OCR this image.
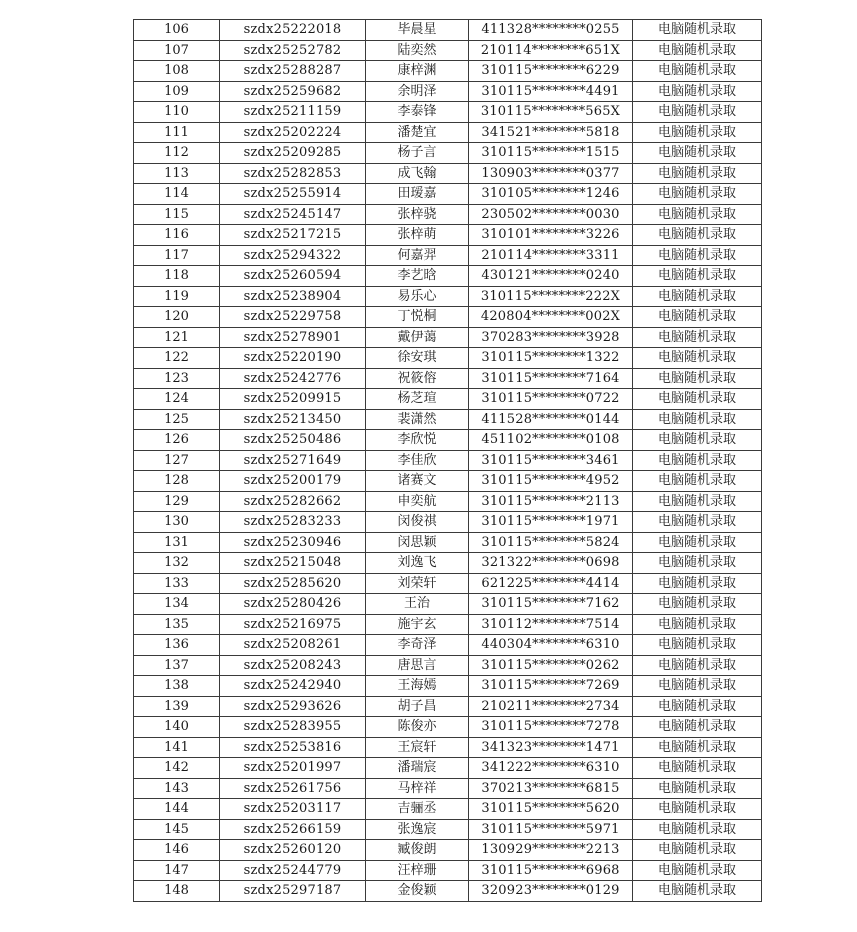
106	szdx25222018	毕晨星	411328********0255	电脑随机录取
107	szdx25252782	陆奕然	210114********651X	电脑随机录取
108	szdx25288287	康梓渊	310115********6229	电脑随机录取
109	szdx25259682	余明泽	310115********4491	电脑随机录取
110	szdx25211159	李泰锋	310115********565X	电脑随机录取
111	szdx25202224	潘楚宜	341521********5818	电脑随机录取
112	szdx25209285	杨子言	310115********1515	电脑随机录取
113	szdx25282853	成飞翰	130903********0377	电脑随机录取
114	szdx25255914	田瑷嘉	310105********1246	电脑随机录取
115	szdx25245147	张梓骁	230502********0030	电脑随机录取
116	szdx25217215	张梓萌	310101********3226	电脑随机录取
117	szdx25294322	何嘉羿	210114********3311	电脑随机录取
118	szdx25260594	李艺晗	430121********0240	电脑随机录取
119	szdx25238904	易乐心	310115********222X	电脑随机录取
120	szdx25229758	丁悦桐	420804********002X	电脑随机录取
121	szdx25278901	戴伊蔼	370283********3928	电脑随机录取
122	szdx25220190	徐安琪	310115********1322	电脑随机录取
123	szdx25242776	祝筱傛	310115********7164	电脑随机录取
124	szdx25209915	杨芝瑄	310115********0722	电脑随机录取
125	szdx25213450	裴潇然	411528********0144	电脑随机录取
126	szdx25250486	李欣悦	451102********0108	电脑随机录取
127	szdx25271649	李佳欣	310115********3461	电脑随机录取
128	szdx25200179	诸赛文	310115********4952	电脑随机录取
129	szdx25282662	申奕航	310115********2113	电脑随机录取
130	szdx25283233	闵俊祺	310115********1971	电脑随机录取
131	szdx25230946	闵思颖	310115********5824	电脑随机录取
132	szdx25215048	刘逸飞	321322********0698	电脑随机录取
133	szdx25285620	刘荣轩	621225********4414	电脑随机录取
134	szdx25280426	王治	310115********7162	电脑随机录取
135	szdx25216975	施宇玄	310112********7514	电脑随机录取
136	szdx25208261	李奇泽	440304********6310	电脑随机录取
137	szdx25208243	唐思言	310115********0262	电脑随机录取
138	szdx25242940	王海嫣	310115********7269	电脑随机录取
139	szdx25293626	胡子昌	210211********2734	电脑随机录取
140	szdx25283955	陈俊亦	310115********7278	电脑随机录取
141	szdx25253816	王宸轩	341323********1471	电脑随机录取
142	szdx25201997	潘瑞宸	341222********6310	电脑随机录取
143	szdx25261756	马梓祥	370213********6815	电脑随机录取
144	szdx25203117	吉骊丞	310115********5620	电脑随机录取
145	szdx25266159	张逸宸	310115********5971	电脑随机录取
146	szdx25260120	臧俊朗	130929********2213	电脑随机录取
147	szdx25244779	汪梓珊	310115********6968	电脑随机录取
148	szdx25297187	金俊颖	320923********0129	电脑随机录取
